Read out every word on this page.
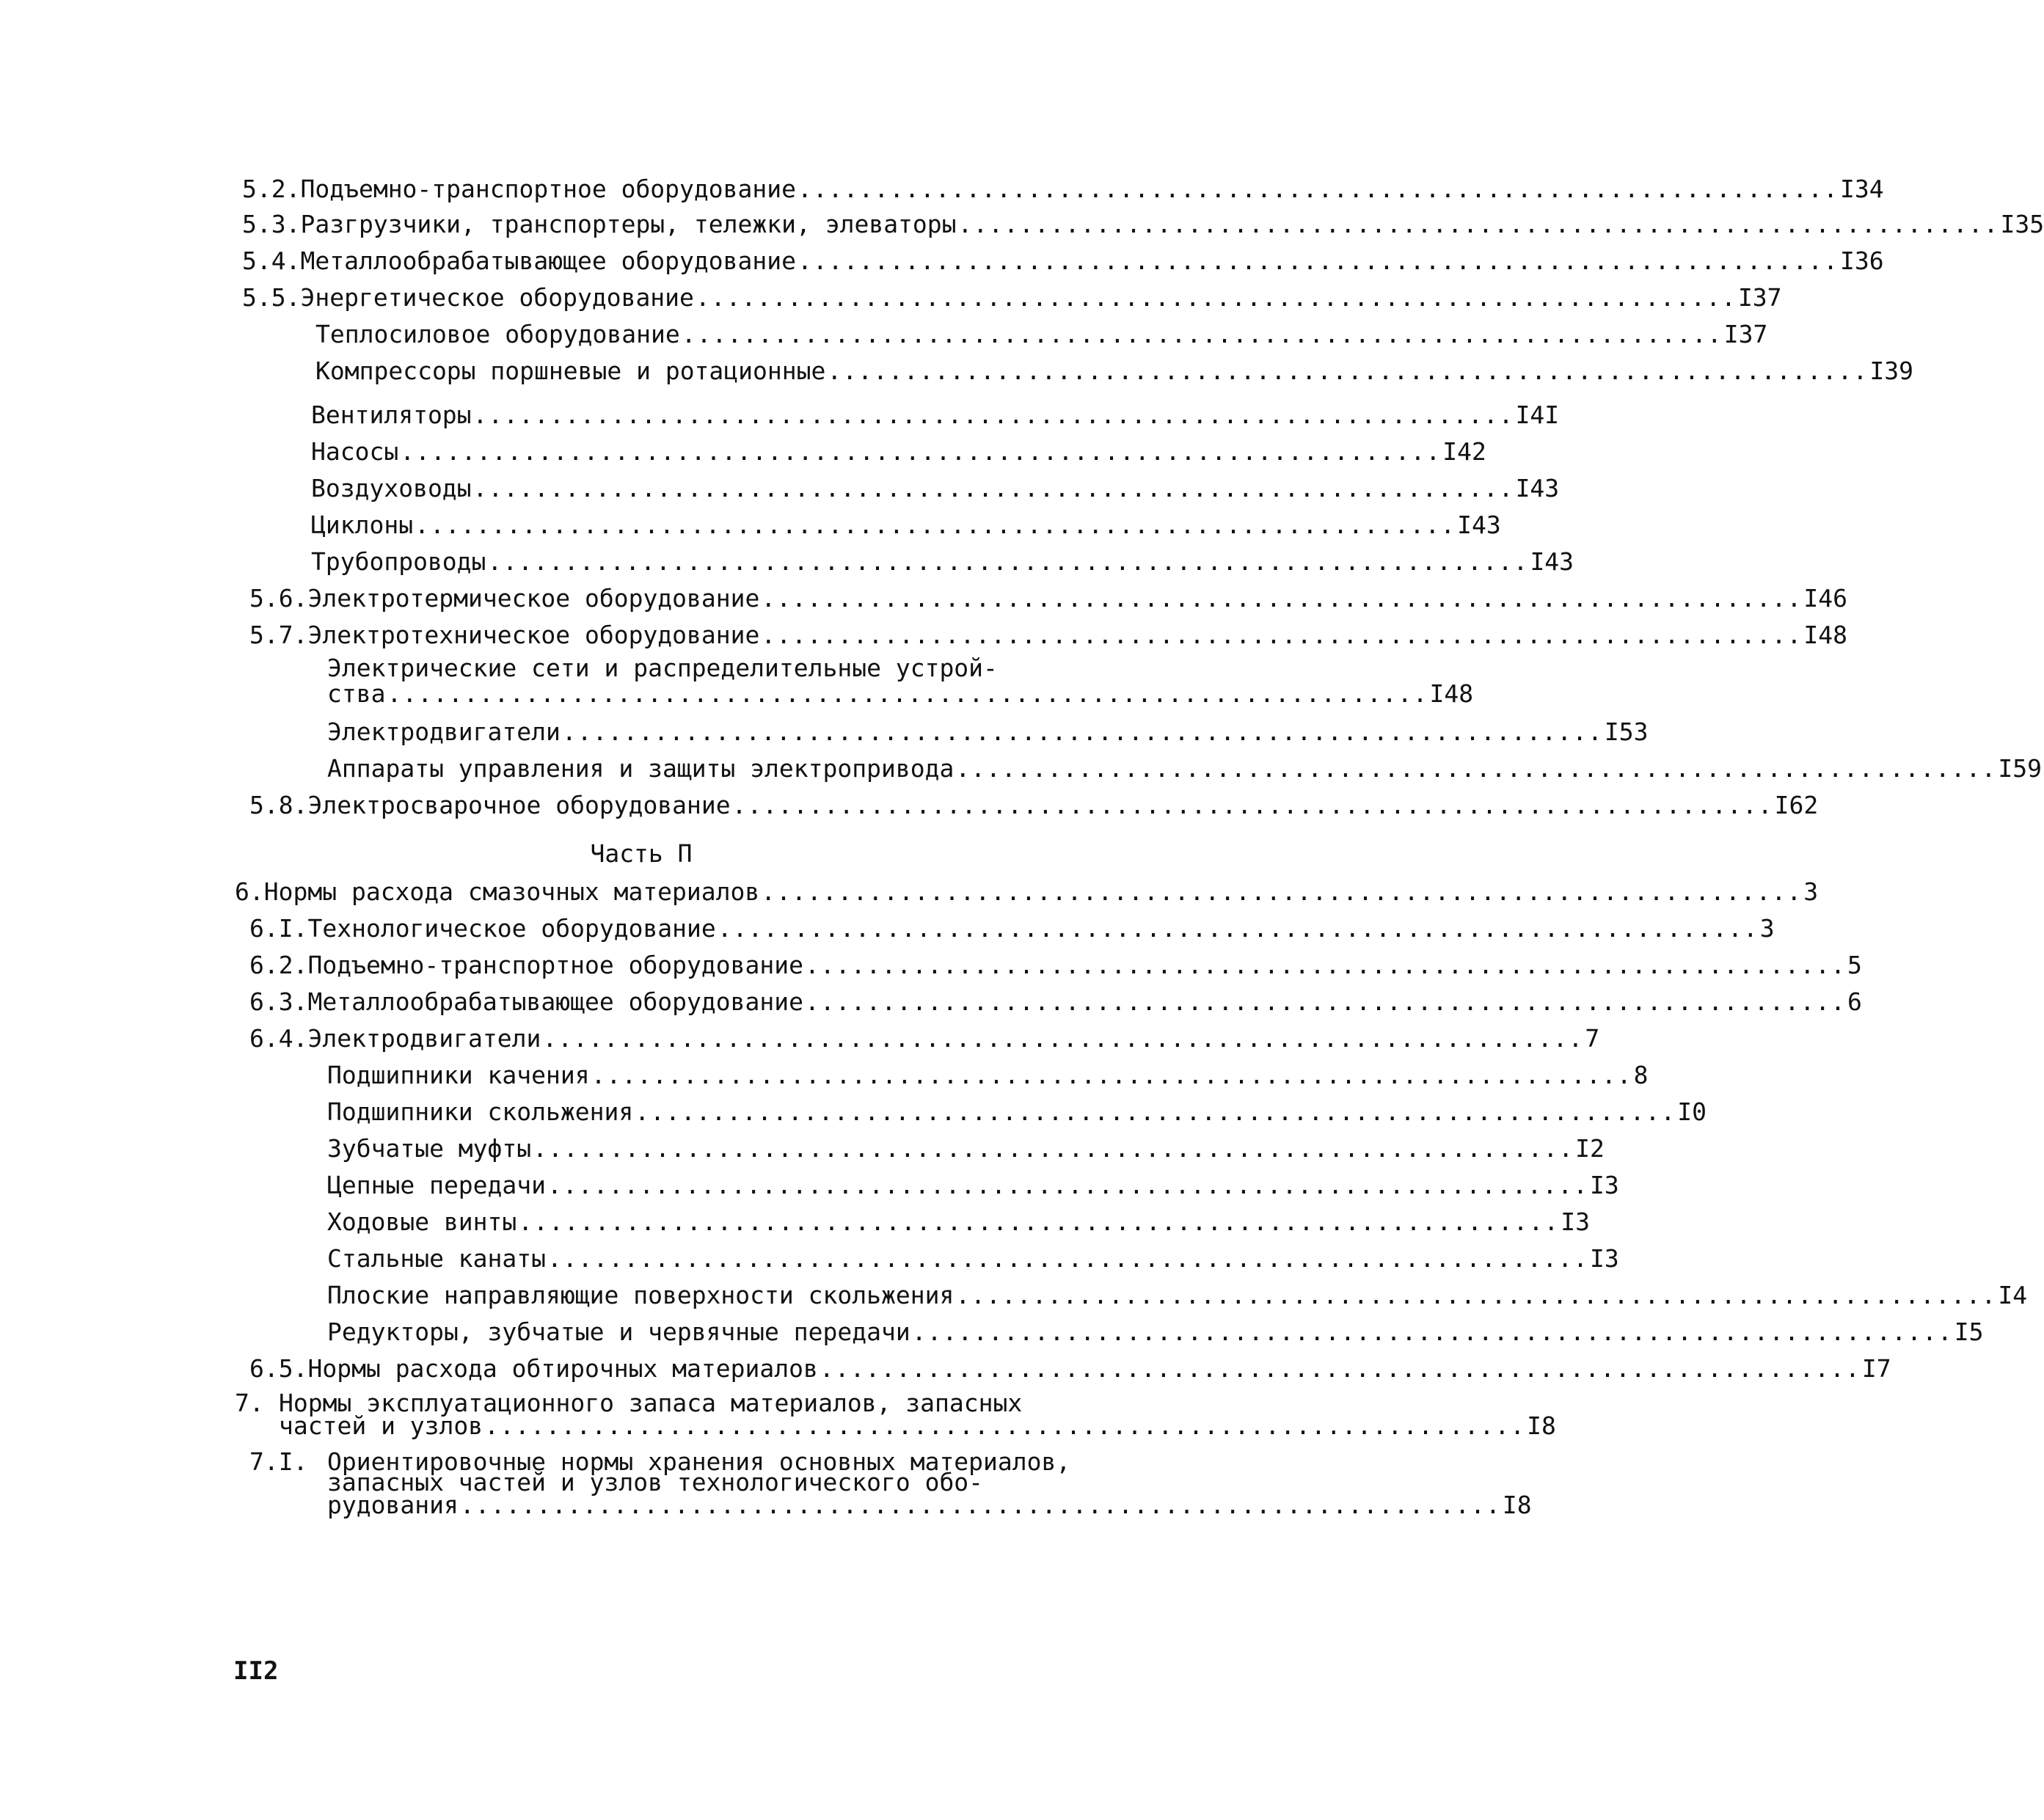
5.2. Подъемно-транспортное оборудование .................................................................... I34
5.3. Разгрузчики, транспортеры, тележки, элеваторы .................................................................... I35
5.4. Металлообрабатывающее оборудование .................................................................... I36
5.5. Энергетическое оборудование .................................................................... I37
Теплосиловое оборудование .................................................................... I37
Компрессоры поршневые и ротационные .................................................................... I39
Вентиляторы .................................................................... I4I
Насосы .................................................................... I42
Воздуховоды .................................................................... I43
Циклоны .................................................................... I43
Трубопроводы .................................................................... I43
5.6. Электротермическое оборудование .................................................................... I46
5.7. Электротехническое оборудование .................................................................... I48
Электрические сети и распределительные устрой-
ства .................................................................... I48
Электродвигатели .................................................................... I53
Аппараты управления и защиты электропривода .................................................................... I59
5.8. Электросварочное оборудование .................................................................... I62
Часть П
6. Нормы расхода смазочных материалов .................................................................... 3
6.I. Технологическое оборудование .................................................................... 3
6.2. Подъемно-транспортное оборудование .................................................................... 5
6.3. Металлообрабатывающее оборудование .................................................................... 6
6.4. Электродвигатели .................................................................... 7
Подшипники качения .................................................................... 8
Подшипники скольжения .................................................................... I0
Зубчатые муфты .................................................................... I2
Цепные передачи .................................................................... I3
Ходовые винты .................................................................... I3
Стальные канаты .................................................................... I3
Плоские направляющие поверхности скольжения .................................................................... I4
Редукторы, зубчатые и червячные передачи .................................................................... I5
6.5. Нормы расхода обтирочных материалов .................................................................... I7
7. Нормы эксплуатационного запаса материалов, запасных
частей и узлов .................................................................... I8
7.I. Ориентировочные нормы хранения основных материалов,
запасных частей и узлов технологического обо-
рудования .................................................................... I8
II2
